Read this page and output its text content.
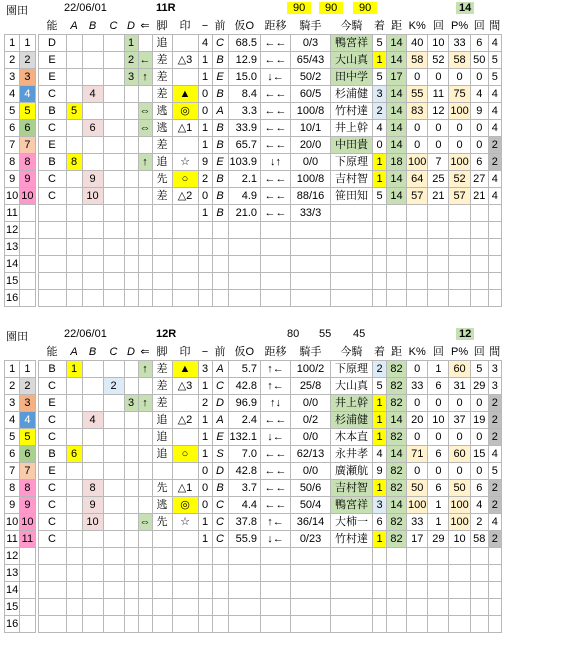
園田	22/06/01	11R	90	90	90	14
			能	A	B	C	D	⇐	脚	印	−	前	仮O	距移	騎手	今騎	着	距	K%	回	P%	回	間
1	1		D				1		追		4	C	68.5	←←	0/3	鴨宮祥	5	14	40	10	33	6	4
2	2		E				2	←	差	△3	1	B	12.9	←←	65/43	大山真	1	14	58	52	58	50	5
3	3		E				3	↑	差		1	E	15.0	↓←	50/2	田中学	5	17	0	0	0	0	5
4	4		C		4				差	▲	0	B	8.4	←←	60/5	杉浦健	3	14	55	11	75	4	4
5	5		B	5				⇔	逃	◎	0	A	3.3	←←	100/8	竹村達	2	14	83	12	100	9	4
6	6		C		6			⇔	逃	△1	1	B	33.9	←←	10/1	井上幹	4	14	0	0	0	0	4
7	7		E						差		1	B	65.7	←←	20/0	中田貴	0	14	0	0	0	0	2
8	8		B	8				↑	追	☆	9	E	103.9	↓↑	0/0	下原理	1	18	100	7	100	6	2
9	9		C		9				先	○	2	B	2.1	←←	100/8	吉村智	1	14	64	25	52	27	4
10	10		C		10				差	△2	0	B	4.9	←←	88/16	笹田知	5	14	57	21	57	21	4
11											1	B	21.0	←←	33/3								
12																							
13																							
14																							
15																							
16																							
園田	22/06/01	12R	80 55 45	12
			能	A	B	C	D	⇐	脚	印	−	前	仮O	距移	騎手	今騎	着	距	K%	回	P%	回	間
1	1		B	1				↑	差	▲	3	A	5.7	↑←	100/2	下原理	2	82	0	1	60	5	3
2	2		C			2			差	△3	1	C	42.8	↑←	25/8	大山真	5	82	33	6	31	29	3
3	3		E				3	↑	差		2	D	96.9	↑↓	0/0	井上幹	1	82	0	0	0	0	2
4	4		C		4				追	△2	1	A	2.4	←←	0/2	杉浦健	1	14	20	10	37	19	2
5	5		C						追		1	E	132.1	↓←	0/0	木本直	1	82	0	0	0	0	2
6	6		B	6					追	○	1	S	7.0	←←	62/13	永井孝	4	14	71	6	60	15	4
7	7		E								0	D	42.8	←←	0/0	廣瀬航	9	82	0	0	0	0	5
8	8		C		8				先	△1	0	B	3.7	←←	50/6	吉村智	1	82	50	6	50	6	2
9	9		C		9				逃	◎	0	C	4.4	←←	50/4	鴨宮祥	3	14	100	1	100	4	2
10	10		C		10			⇔	先	☆	1	C	37.8	↑←	36/14	大柿一	6	82	33	1	100	2	4
11	11		C								1	C	55.9	↓←	0/23	竹村達	1	82	17	29	10	58	2
12																							
13																							
14																							
15																							
16																							
